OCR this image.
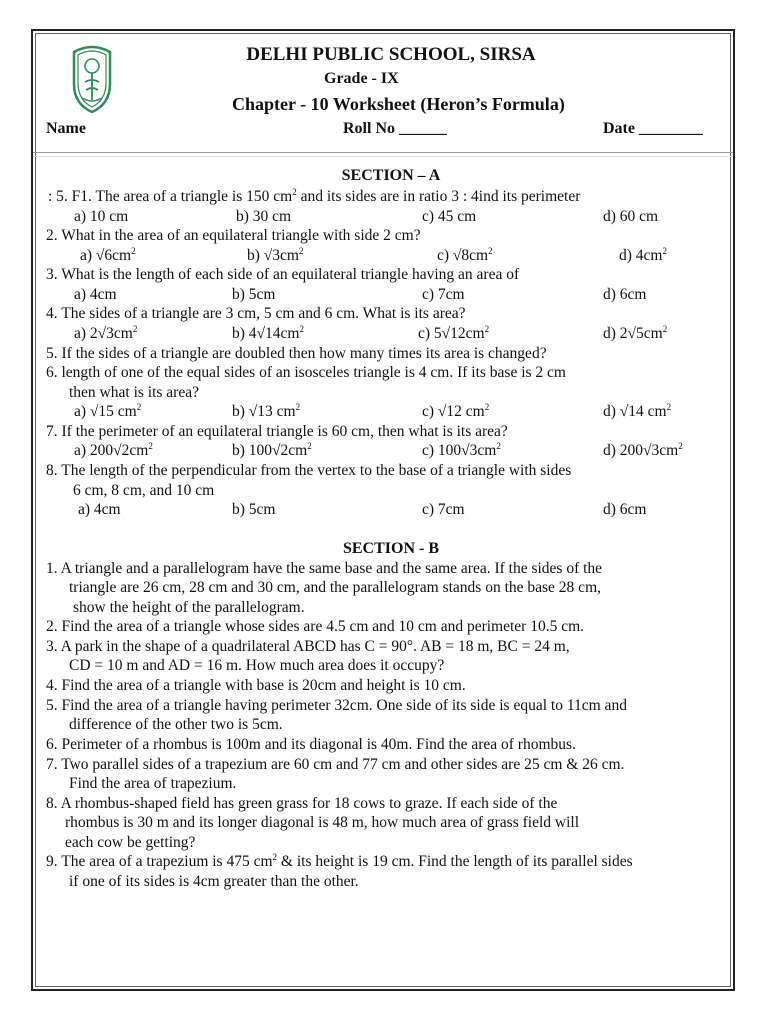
DELHI PUBLIC SCHOOL, SIRSA
Grade - IX
Chapter - 10 Worksheet (Heron’s Formula)
Name	Roll No ______	Date ________
SECTION – A
: 5. F1. The area of a triangle is 150 $cm^2$ and its sides are in ratio 3 : 4ind its perimeter
a) 10 cm	b) 30 cm	c) 45 cm	d) 60 cm
2. What in the area of an equilateral triangle with side 2 cm?
a) $√6cm^2$	b) $√3cm^2$	c) $√8cm^2$	d) $4cm^2$
3. What is the length of each side of an equilateral triangle having an area of
a) 4cm	b) 5cm	c) 7cm	d) 6cm
4. The sides of a triangle are 3 cm, 5 cm and 6 cm. What is its area?
a) $2√3cm^2$	b) $4√14cm^2$	c) $5√12cm^2$	d) $2√5cm^2$
5. If the sides of a triangle are doubled then how many times its area is changed?
6. length of one of the equal sides of an isosceles triangle is 4 cm. If its base is 2 cm
then what is its area?
a) √15 $cm^2$	b) √13 $cm^2$	c) √12 $cm^2$	d) √14 $cm^2$
7. If the perimeter of an equilateral triangle is 60 cm, then what is its area?
a) $200√2cm^2$	b) $100√2cm^2$	c) $100√3cm^2$	d) $200√3cm^2$
8. The length of the perpendicular from the vertex to the base of a triangle with sides
6 cm, 8 cm, and 10 cm
a) 4cm	b) 5cm	c) 7cm	d) 6cm
SECTION - B
1. A triangle and a parallelogram have the same base and the same area. If the sides of the
triangle are 26 cm, 28 cm and 30 cm, and the parallelogram stands on the base 28 cm,
show the height of the parallelogram.
2. Find the area of a triangle whose sides are 4.5 cm and 10 cm and perimeter 10.5 cm.
3. A park in the shape of a quadrilateral ABCD has C = 90°. AB = 18 m, BC = 24 m,
CD = 10 m and AD = 16 m. How much area does it occupy?
4. Find the area of a triangle with base is 20cm and height is 10 cm.
5. Find the area of a triangle having perimeter 32cm. One side of its side is equal to 11cm and
difference of the other two is 5cm.
6. Perimeter of a rhombus is 100m and its diagonal is 40m. Find the area of rhombus.
7. Two parallel sides of a trapezium are 60 cm and 77 cm and other sides are 25 cm & 26 cm.
Find the area of trapezium.
8. A rhombus-shaped field has green grass for 18 cows to graze. If each side of the
rhombus is 30 m and its longer diagonal is 48 m, how much area of grass field will
each cow be getting?
9. The area of a trapezium is 475 $cm^2$ & its height is 19 cm. Find the length of its parallel sides
if one of its sides is 4cm greater than the other.
